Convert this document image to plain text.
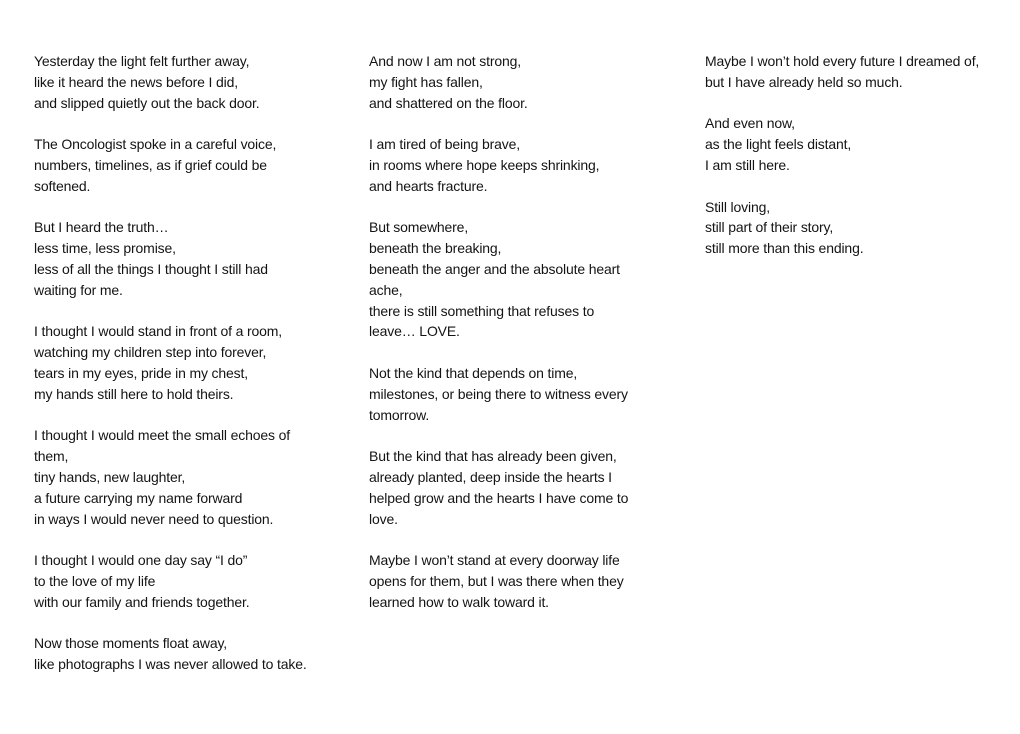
Yesterday the light felt further away,
like it heard the news before I did,
and slipped quietly out the back door.
The Oncologist spoke in a careful voice,
numbers, timelines, as if grief could be
softened.
But I heard the truth…
less time, less promise,
less of all the things I thought I still had
waiting for me.
I thought I would stand in front of a room,
watching my children step into forever,
tears in my eyes, pride in my chest,
my hands still here to hold theirs.
I thought I would meet the small echoes of
them,
tiny hands, new laughter,
a future carrying my name forward
in ways I would never need to question.
I thought I would one day say “I do”
to the love of my life
with our family and friends together.
Now those moments float away,
like photographs I was never allowed to take.
And now I am not strong,
my fight has fallen,
and shattered on the floor.
I am tired of being brave,
in rooms where hope keeps shrinking,
and hearts fracture.
But somewhere,
beneath the breaking,
beneath the anger and the absolute heart
ache,
there is still something that refuses to
leave… LOVE.
Not the kind that depends on time,
milestones, or being there to witness every
tomorrow.
But the kind that has already been given,
already planted, deep inside the hearts I
helped grow and the hearts I have come to
love.
Maybe I won’t stand at every doorway life
opens for them, but I was there when they
learned how to walk toward it.
Maybe I won’t hold every future I dreamed of,
but I have already held so much.
And even now,
as the light feels distant,
I am still here.
Still loving,
still part of their story,
still more than this ending.
